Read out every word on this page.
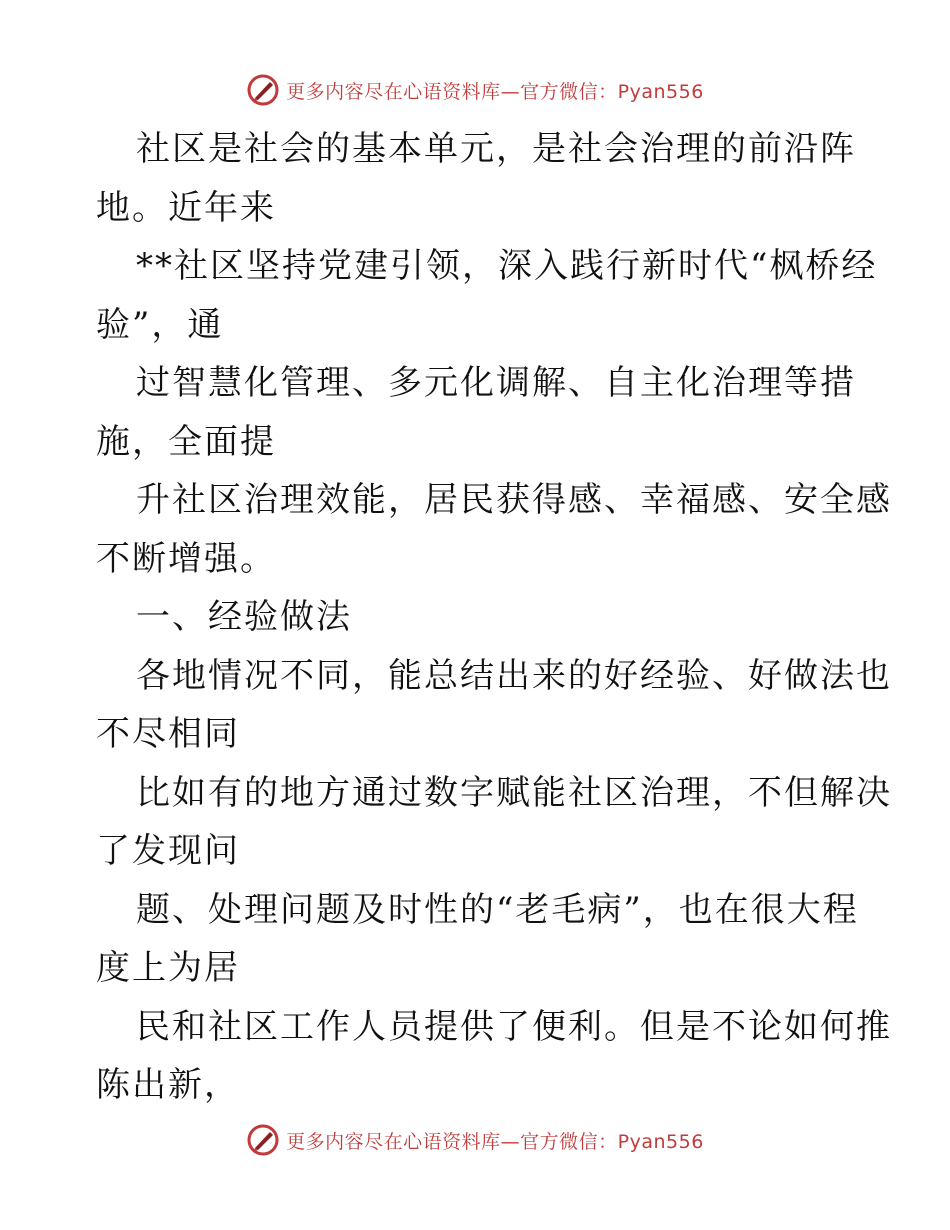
更多内容尽在心语资料库—官方微信：Pyan556
社区是社会的基本单元，是社会治理的前沿阵
地。近年来
**社区坚持党建引领，深入践行新时代“枫桥经
验”，通
过智慧化管理、多元化调解、自主化治理等措
施，全面提
升社区治理效能，居民获得感、幸福感、安全感
不断增强。
一、经验做法
各地情况不同，能总结出来的好经验、好做法也
不尽相同
比如有的地方通过数字赋能社区治理，不但解决
了发现问
题、处理问题及时性的“老毛病”，也在很大程
度上为居
民和社区工作人员提供了便利。但是不论如何推
陈出新，
更多内容尽在心语资料库—官方微信：Pyan556
